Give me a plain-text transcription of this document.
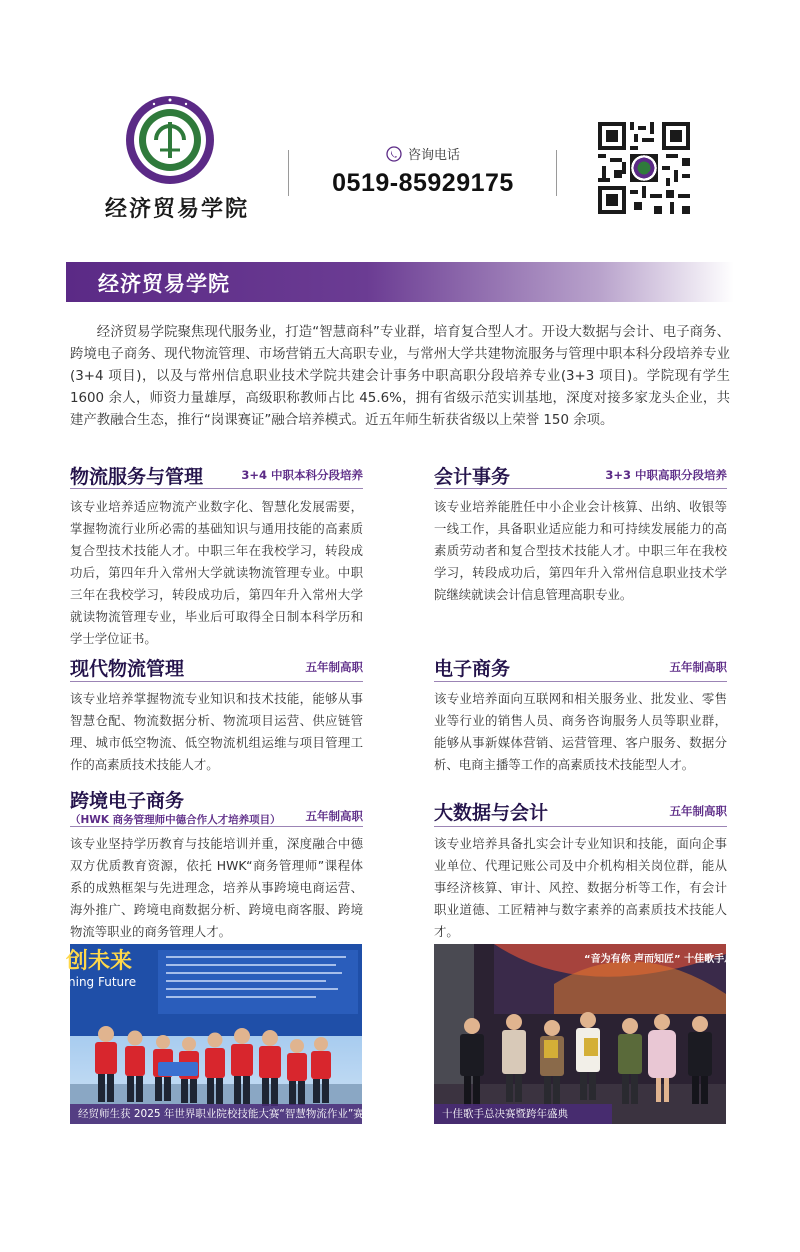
经济贸易学院
咨询电话
0519-85929175
经济贸易学院

经济贸易学院聚焦现代服务业，打造“智慧商科”专业群，培育复合型人才。开设大数据与会计、电子商务、跨境电子商务、现代物流管理、市场营销五大高职专业，与常州大学共建物流服务与管理中职本科分段培养专业(3+4 项目)，以及与常州信息职业技术学院共建会计事务中职高职分段培养专业(3+3 项目)。学院现有学生 1600 余人，师资力量雄厚，高级职称教师占比 45.6%，拥有省级示范实训基地，深度对接多家龙头企业，共建产教融合生态，推行“岗课赛证”融合培养模式。近五年师生斩获省级以上荣誉 150 余项。

物流服务与管理	3+4 中职本科分段培养

该专业培养适应物流产业数字化、智慧化发展需要，掌握物流行业所必需的基础知识与通用技能的高素质复合型技术技能人才。中职三年在我校学习，转段成功后，第四年升入常州大学就读物流管理专业。中职三年在我校学习，转段成功后，第四年升入常州大学就读物流管理专业，毕业后可取得全日制本科学历和学士学位证书。

现代物流管理	五年制高职

该专业培养掌握物流专业知识和技术技能，能够从事智慧仓配、物流数据分析、物流项目运营、供应链管理、城市低空物流、低空物流机组运维与项目管理工作的高素质技术技能人才。

跨境电子商务
（HWK 商务管理师中德合作人才培养项目） 五年制高职

该专业坚持学历教育与技能培训并重，深度融合中德双方优质教育资源，依托 HWK“商务管理师”课程体系的成熟框架与先进理念，培养从事跨境电商运营、海外推广、跨境电商数据分析、跨境电商客服、跨境物流等职业的商务管理人才。

会计事务	3+3 中职高职分段培养

该专业培养能胜任中小企业会计核算、出纳、收银等一线工作，具备职业适应能力和可持续发展能力的高素质劳动者和复合型技术技能人才。中职三年在我校学习，转段成功后，第四年升入常州信息职业技术学院继续就读会计信息管理高职专业。

电子商务	五年制高职

该专业培养面向互联网和相关服务业、批发业、零售业等行业的销售人员、商务咨询服务人员等职业群，能够从事新媒体营销、运营管理、客户服务、数据分析、电商主播等工作的高素质技术技能型人才。

大数据与会计	五年制高职

该专业培养具备扎实会计专业知识和技能，面向企事业单位、代理记账公司及中介机构相关岗位群，能从事经济核算、审计、风控、数据分析等工作，有会计职业道德、工匠精神与数字素养的高素质技术技能人才。

创未来
ning Future
经贸师生获 2025 年世界职业院校技能大赛“智慧物流作业”赛项金牌
“音为有你 声而知匠” 十佳歌手总
十佳歌手总决赛暨跨年盛典
